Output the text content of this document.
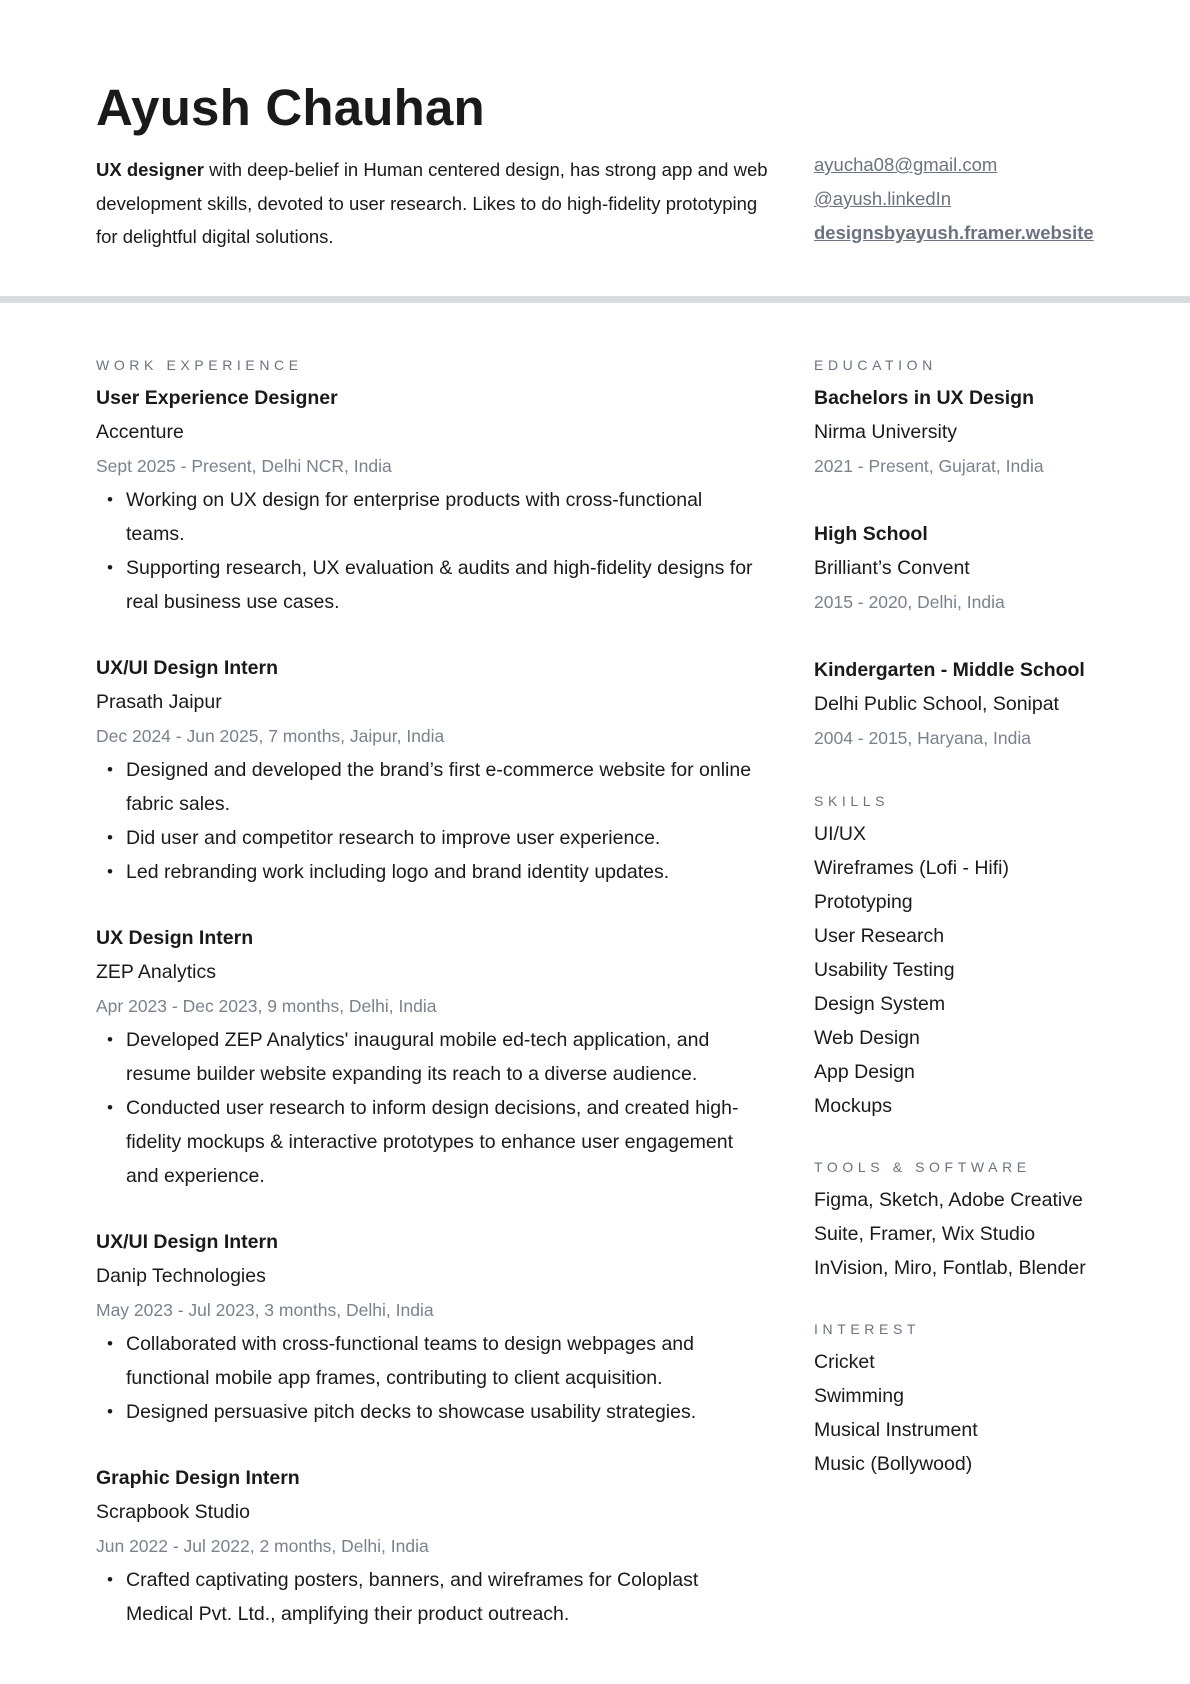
Ayush Chauhan

UX designer with deep-belief in Human centered design, has strong app and web development skills, devoted to user research. Likes to do high-fidelity prototyping for delightful digital solutions.

ayucha08@gmail.com
@ayush.linkedIn
designsbyayush.framer.website
WORK EXPERIENCE
User Experience Designer
Accenture
Sept 2025 - Present, Delhi NCR, India
• Working on UX design for enterprise products with cross-functional teams.
• Supporting research, UX evaluation & audits and high-fidelity designs for real business use cases.
UX/UI Design Intern
Prasath Jaipur
Dec 2024 - Jun 2025, 7 months, Jaipur, India
• Designed and developed the brand’s first e-commerce website for online fabric sales.
• Did user and competitor research to improve user experience.
• Led rebranding work including logo and brand identity updates.
UX Design Intern
ZEP Analytics
Apr 2023 - Dec 2023, 9 months, Delhi, India
• Developed ZEP Analytics' inaugural mobile ed-tech application, and resume builder website expanding its reach to a diverse audience.
• Conducted user research to inform design decisions, and created high-fidelity mockups & interactive prototypes to enhance user engagement and experience.
UX/UI Design Intern
Danip Technologies
May 2023 - Jul 2023, 3 months, Delhi, India
• Collaborated with cross-functional teams to design webpages and functional mobile app frames, contributing to client acquisition.
• Designed persuasive pitch decks to showcase usability strategies.
Graphic Design Intern
Scrapbook Studio
Jun 2022 - Jul 2022, 2 months, Delhi, India
• Crafted captivating posters, banners, and wireframes for Coloplast Medical Pvt. Ltd., amplifying their product outreach.
EDUCATION
Bachelors in UX Design
Nirma University
2021 - Present, Gujarat, India
High School
Brilliant’s Convent
2015 - 2020, Delhi, India
Kindergarten - Middle School
Delhi Public School, Sonipat
2004 - 2015, Haryana, India
SKILLS
UI/UX
Wireframes (Lofi - Hifi)
Prototyping
User Research
Usability Testing
Design System
Web Design
App Design
Mockups
TOOLS & SOFTWARE
Figma, Sketch, Adobe Creative
Suite, Framer, Wix Studio
InVision, Miro, Fontlab, Blender
INTEREST
Cricket
Swimming
Musical Instrument
Music (Bollywood)
